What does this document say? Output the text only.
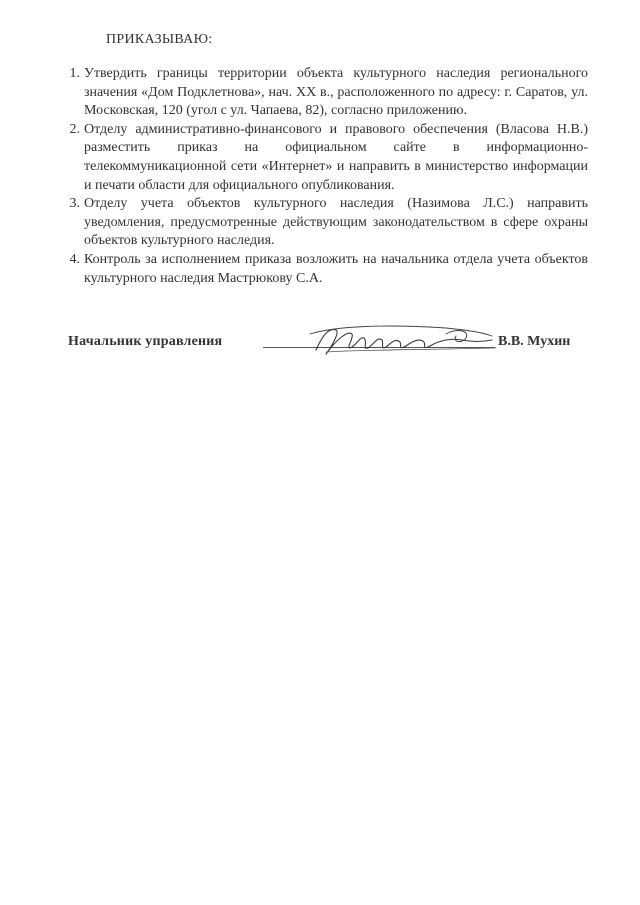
ПРИКАЗЫВАЮ:
1. Утвердить границы территории объекта культурного наследия регионального значения «Дом Подклетнова», нач. XX в., расположенного по адресу: г. Саратов, ул. Московская, 120 (угол с ул. Чапаева, 82), согласно приложению.
2. Отделу административно-финансового и правового обеспечения (Власова Н.В.) разместить приказ на официальном сайте в информационно-телекоммуникационной сети «Интернет» и направить в министерство информации и печати области для официального опубликования.
3. Отделу учета объектов культурного наследия (Назимова Л.С.) направить уведомления, предусмотренные действующим законодательством в сфере охраны объектов культурного наследия.
4. Контроль за исполнением приказа возложить на начальника отдела учета объектов культурного наследия Мастрюкову С.А.
Начальник управления	В.В. Мухин
